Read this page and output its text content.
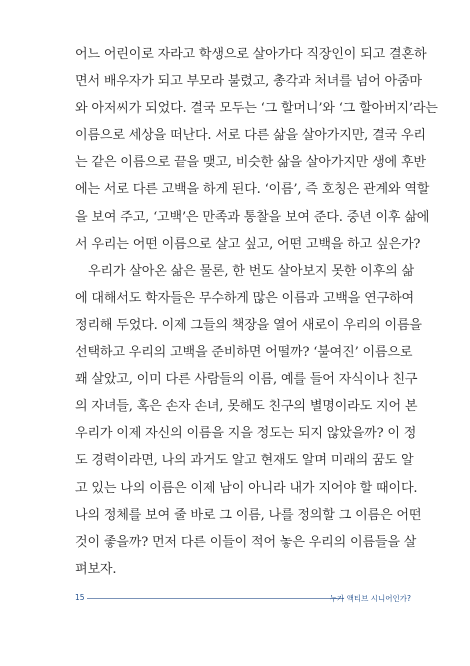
어느 어린이로 자라고 학생으로 살아가다 직장인이 되고 결혼하
면서 배우자가 되고 부모라 불렸고, 총각과 처녀를 넘어 아줌마
와 아저씨가 되었다. 결국 모두는 ‘그 할머니’와 ‘그 할아버지’라는
이름으로 세상을 떠난다. 서로 다른 삶을 살아가지만, 결국 우리
는 같은 이름으로 끝을 맺고, 비슷한 삶을 살아가지만 생에 후반
에는 서로 다른 고백을 하게 된다. ‘이름’, 즉 호칭은 관계와 역할
을 보여 주고, ‘고백’은 만족과 통찰을 보여 준다. 중년 이후 삶에
서 우리는 어떤 이름으로 살고 싶고, 어떤 고백을 하고 싶은가?

우리가 살아온 삶은 물론, 한 번도 살아보지 못한 이후의 삶
에 대해서도 학자들은 무수하게 많은 이름과 고백을 연구하여
정리해 두었다. 이제 그들의 책장을 열어 새로이 우리의 이름을
선택하고 우리의 고백을 준비하면 어떨까? ‘불여진’ 이름으로
꽤 살았고, 이미 다른 사람들의 이름, 예를 들어 자식이나 친구
의 자녀들, 혹은 손자 손녀, 못해도 친구의 별명이라도 지어 본
우리가 이제 자신의 이름을 지을 정도는 되지 않았을까? 이 정
도 경력이라면, 나의 과거도 알고 현재도 알며 미래의 꿈도 알
고 있는 나의 이름은 이제 남이 아니라 내가 지어야 할 때이다.
나의 정체를 보여 줄 바로 그 이름, 나를 정의할 그 이름은 어떤
것이 좋을까? 먼저 다른 이들이 적어 놓은 우리의 이름들을 살
펴보자.

15	누가 액티브 시니어인가?
